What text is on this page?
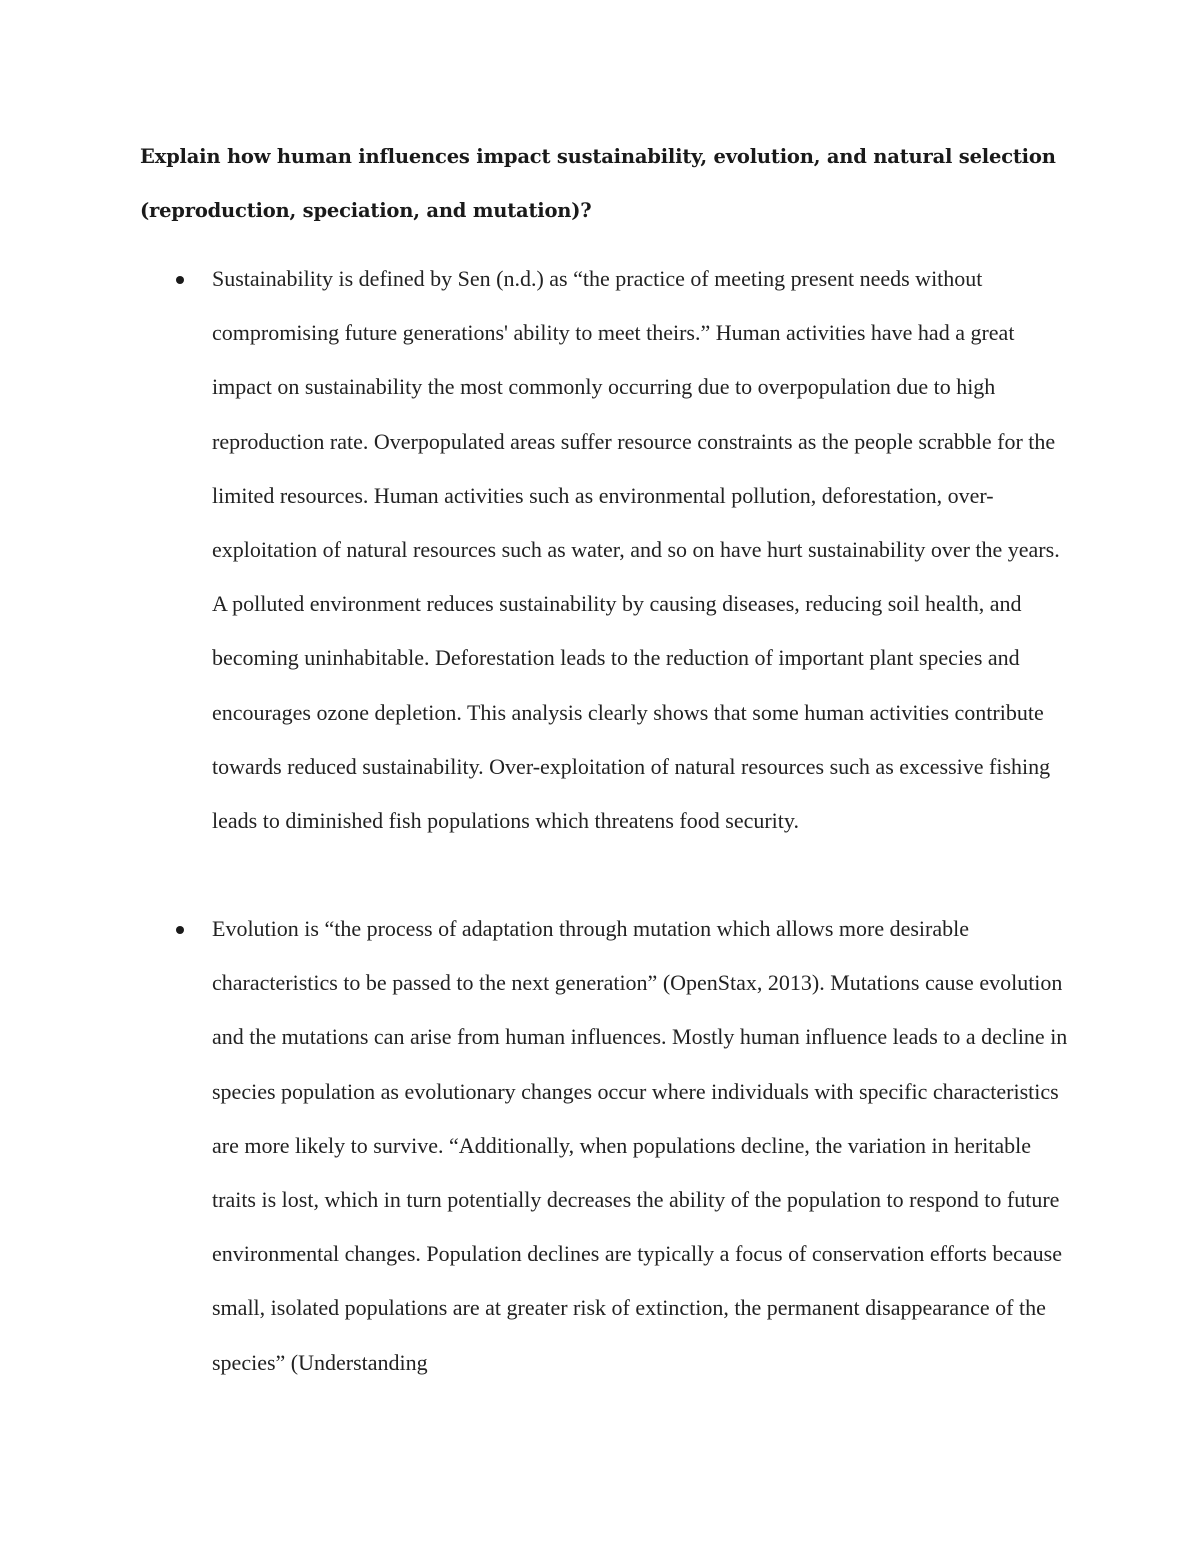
Explain how human influences impact sustainability, evolution, and natural selection (reproduction, speciation, and mutation)?

Sustainability is defined by Sen (n.d.) as “the practice of meeting present needs without compromising future generations' ability to meet theirs.” Human activities have had a great impact on sustainability the most commonly occurring due to overpopulation due to high reproduction rate. Overpopulated areas suffer resource constraints as the people scrabble for the limited resources. Human activities such as environmental pollution, deforestation, over-exploitation of natural resources such as water, and so on have hurt sustainability over the years. A polluted environment reduces sustainability by causing diseases, reducing soil health, and becoming uninhabitable. Deforestation leads to the reduction of important plant species and encourages ozone depletion. This analysis clearly shows that some human activities contribute towards reduced sustainability. Over-exploitation of natural resources such as excessive fishing leads to diminished fish populations which threatens food security.

Evolution is “the process of adaptation through mutation which allows more desirable characteristics to be passed to the next generation” (OpenStax, 2013). Mutations cause evolution and the mutations can arise from human influences. Mostly human influence leads to a decline in species population as evolutionary changes occur where individuals with specific characteristics are more likely to survive. “Additionally, when populations decline, the variation in heritable traits is lost, which in turn potentially decreases the ability of the population to respond to future environmental changes. Population declines are typically a focus of conservation efforts because small, isolated populations are at greater risk of extinction, the permanent disappearance of the species” (Understanding
